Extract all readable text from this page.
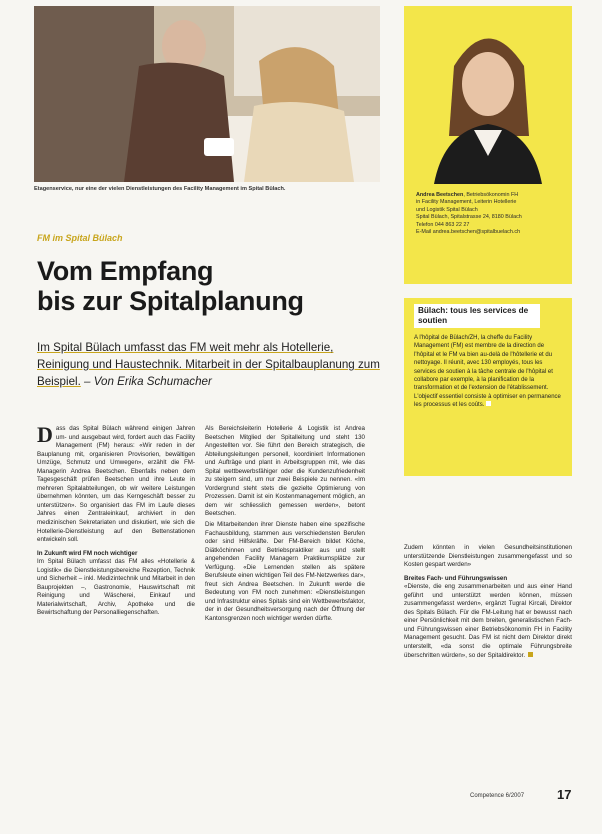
Etagenservice, nur eine der vielen Dienstleistungen des Facility Management im Spital Bülach.
Andrea Beetschen, Betriebsökonomin FH
in Facility Management, Leiterin Hotellerie
und Logistik Spital Bülach
Spital Bülach, Spitalstrasse 24, 8180 Bülach
Telefon 044 863 22 27
E-Mail andrea.beetschen@spitalbuelach.ch
FM im Spital Bülach
Vom Empfang
bis zur Spitalplanung
Im Spital Bülach umfasst das FM weit mehr als Hotellerie, Reinigung und Haustechnik. Mitarbeit in der Spitalbauplanung zum Beispiel. – Von Erika Schumacher
Bülach: tous les services de soutien
A l'hôpital de Bülach/ZH, la cheffe du Facility Management (FM) est membre de la direction de l'hôpital et le FM va bien au-delà de l'hôtellerie et du nettoyage. Il réunit, avec 130 employés, tous les services de soutien à la tâche centrale de l'hôpital et collabore par exemple, à la planification de la transformation et de l'extension de l'établissement. L'objectif essentiel consiste à optimiser en permanence les processus et les coûts.

Dass das Spital Bülach während einigen Jahren um- und ausgebaut wird, fordert auch das Facility Management (FM) heraus: «Wir reden in der Bauplanung mit, organisieren Provisorien, bewältigen Umzüge, Schmutz und Umwegen», erzählt die FM-Managerin Andrea Beetschen. Ebenfalls neben dem Tagesgeschäft prüfen Beetschen und ihre Leute in mehreren Spitalabteilungen, ob wir weitere Leistungen übernehmen könnten, um das Kerngeschäft besser zu unterstützen». So organisiert das FM im Laufe dieses Jahres einen Zentraleinkauf, archiviert in den medizinischen Sekretariaten und diskutiert, wie sich die Hotellerie-Dienstleistung auf den Bettenstationen entwickeln soll.

In Zukunft wird FM noch wichtiger

Im Spital Bülach umfasst das FM alles «Hotellerie & Logistik» die Dienstleistungsbereiche Rezeption, Technik und Sicherheit – inkl. Medizintechnik und Mitarbeit in den Bauprojekten –, Gastronomie, Hauswirtschaft mit Reinigung und Wäscherei, Einkauf und Materialwirtschaft, Archiv, Apotheke und die Bewirtschaftung der Personalliegenschaften.

Als Bereichsleiterin Hotellerie & Logistik ist Andrea Beetschen Mitglied der Spitalleitung und steht 130 Angestellten vor. Sie führt den Bereich strategisch, die Abteilungsleitungen personell, koordiniert Informationen und Aufträge und plant in Arbeitsgruppen mit, wie das Spital wettbewerbsfähiger oder die Kundenzufriedenheit zu steigern sind, um nur zwei Beispiele zu nennen. «Im Vordergrund steht stets die gezielte Optimierung von Prozessen. Damit ist ein Kostenmanagement möglich, an dem wir schliesslich gemessen werden», betont Beetschen.

Die Mitarbeitenden ihrer Dienste haben eine spezifische Fachausbildung, stammen aus verschiedensten Berufen oder sind Hilfskräfte. Der FM-Bereich bildet Köche, Diätköchinnen und Betriebspraktiker aus und stellt angehenden Facility Managern Praktikumsplätze zur Verfügung. «Die Lernenden stellen als spätere Berufsleute einen wichtigen Teil des FM-Netzwerkes dar», freut sich Andrea Beetschen. In Zukunft werde die Bedeutung von FM noch zunehmen: «Dienstleistungen und Infrastruktur eines Spitals sind ein Wettbewerbsfaktor, der in der Gesundheitsversorgung nach der Öffnung der Kantonsgrenzen noch wichtiger werden dürfte.

Zudem könnten in vielen Gesundheitsinstitutionen unterstützende Dienstleistungen zusammengefasst und so Kosten gespart werden»

Breites Fach- und Führungswissen

«Dienste, die eng zusammenarbeiten und aus einer Hand geführt und unterstützt werden können, müssen zusammengefasst werden», ergänzt Tugral Kircali, Direktor des Spitals Bülach. Für die FM-Leitung hat er bewusst nach einer Persönlichkeit mit dem breiten, generalistischen Fach- und Führungswissen einer Betriebsökonomin FH in Facility Management gesucht. Das FM ist nicht dem Direktor direkt unterstellt, «da sonst die optimale Führungsbreite überschritten würden», so der Spitaldirektor.

Competence 6/2007	17
